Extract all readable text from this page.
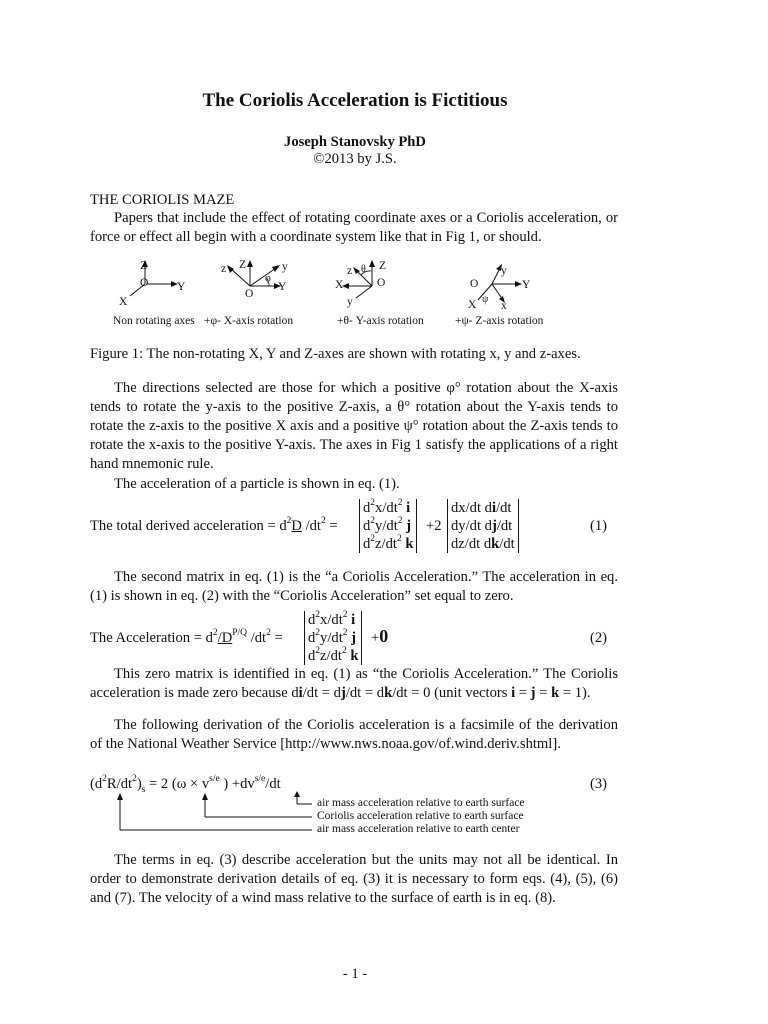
The Coriolis Acceleration is Fictitious
Joseph Stanovsky PhD
©2013 by J.S.
THE CORIOLIS MAZE
Papers that include the effect of rotating coordinate axes or a Coriolis acceleration, or force or effect all begin with a coordinate system like that in Fig 1, or should.
Z
O Y
X
Non rotating axes
z Z	y
φ
O
Y
+φ- X-axis rotation
z θ Z
X	O
y
+θ- Y-axis rotation
y
O	Y
X ψ
x
+ψ- Z-axis rotation
Figure 1: The non-rotating X, Y and Z-axes are shown with rotating x, y and z-axes.
The directions selected are those for which a positive φ° rotation about the X-axis tends to rotate the y-axis to the positive Z-axis, a θ° rotation about the Y-axis tends to rotate the z-axis to the positive X axis and a positive ψ° rotation about the Z-axis tends to rotate the x-axis to the positive Y-axis. The axes in Fig 1 satisfy the applications of a right hand mnemonic rule.
The acceleration of a particle is shown in eq. (1).
The total derived acceleration = $d^2D$ $/dt^2$ =
$d^2x/dt^2$ i
$d^2y/dt^2$ j
$d^2z/dt^2$ k
+2
dx/dt di/dt
dy/dt dj/dt
dz/dt dk/dt
(1)
The second matrix in eq. (1) is the “a Coriolis Acceleration.” The acceleration in eq. (1) is shown in eq. (2) with the “Coriolis Acceleration” set equal to zero.
The Acceleration = $d^2/D^{P/Q}$ $/dt^2$ =
$d^2x/dt^2$ i
$d^2y/dt^2$ j
$d^2z/dt^2$ k
+0	(2)
This zero matrix is identified in eq. (1) as “the Coriolis Acceleration.” The Coriolis acceleration is made zero because di/dt = dj/dt = dk/dt = 0 (unit vectors i = j = k = 1).
The following derivation of the Coriolis acceleration is a facsimile of the derivation of the National Weather Service [http://www.nws.noaa.gov/of.wind.deriv.shtml].
$(d^2R/dt^2)_s = 2$ ($\omega \times v^{s/e}$ ) $+dv^{s/e}/dt$	(3)
air mass acceleration relative to earth surface
Coriolis acceleration relative to earth surface
air mass acceleration relative to earth center
The terms in eq. (3) describe acceleration but the units may not all be identical. In order to demonstrate derivation details of eq. (3) it is necessary to form eqs. (4), (5), (6) and (7). The velocity of a wind mass relative to the surface of earth is in eq. (8).
- 1 -
